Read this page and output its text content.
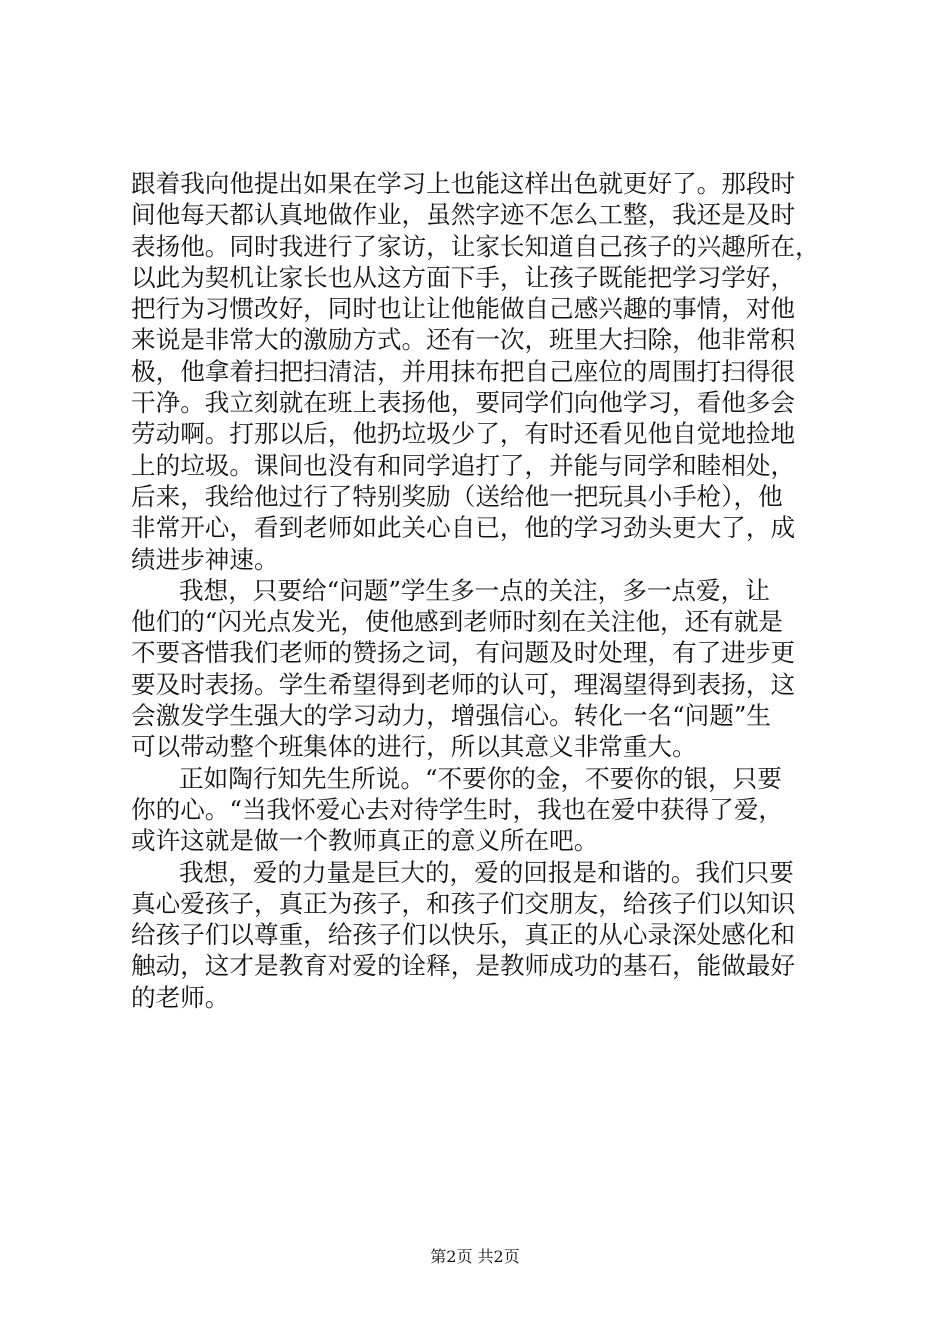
跟着我向他提出如果在学习上也能这样出色就更好了。那段时
间他每天都认真地做作业，虽然字迹不怎么工整，我还是及时
表扬他。同时我进行了家访，让家长知道自己孩子的兴趣所在，
以此为契机让家长也从这方面下手，让孩子既能把学习学好，
把行为习惯改好，同时也让让他能做自己感兴趣的事情，对他
来说是非常大的激励方式。还有一次，班里大扫除，他非常积
极，他拿着扫把扫清洁，并用抹布把自己座位的周围打扫得很
干净。我立刻就在班上表扬他，要同学们向他学习，看他多会
劳动啊。打那以后，他扔垃圾少了，有时还看见他自觉地捡地
上的垃圾。课间也没有和同学追打了，并能与同学和睦相处，
后来，我给他过行了特别奖励（送给他一把玩具小手枪），他
非常开心，看到老师如此关心自已，他的学习劲头更大了，成
绩进步神速。
我想，只要给“问题”学生多一点的关注，多一点爱，让
他们的“闪光点发光，使他感到老师时刻在关注他，还有就是
不要吝惜我们老师的赞扬之词，有问题及时处理，有了进步更
要及时表扬。学生希望得到老师的认可，理渴望得到表扬，这
会激发学生强大的学习动力，增强信心。转化一名“问题”生
可以带动整个班集体的进行，所以其意义非常重大。
正如陶行知先生所说。“不要你的金，不要你的银，只要
你的心。“当我怀爱心去对待学生时，我也在爱中获得了爱，
或许这就是做一个教师真正的意义所在吧。
我想，爱的力量是巨大的，爱的回报是和谐的。我们只要
真心爱孩子，真正为孩子，和孩子们交朋友，给孩子们以知识
给孩子们以尊重，给孩子们以快乐，真正的从心录深处感化和
触动，这才是教育对爱的诠释，是教师成功的基石，能做最好
的老师。
第2页 共2页
